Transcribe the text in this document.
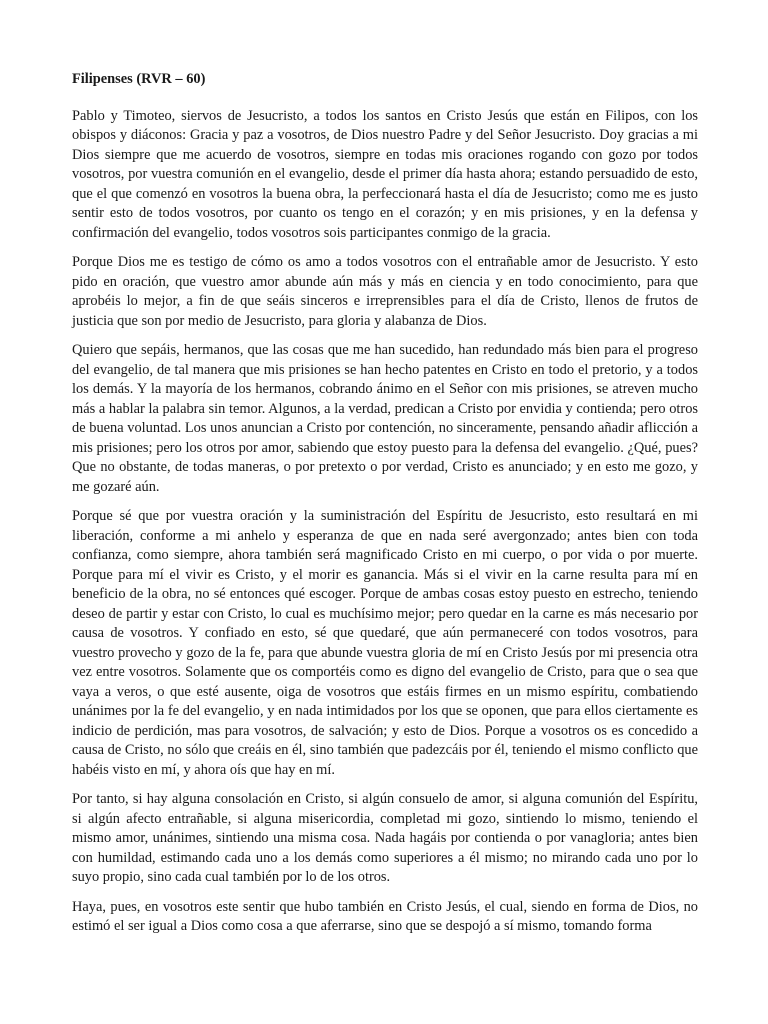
Filipenses (RVR – 60)

Pablo y Timoteo, siervos de Jesucristo, a todos los santos en Cristo Jesús que están en Filipos, con los obispos y diáconos: Gracia y paz a vosotros, de Dios nuestro Padre y del Señor Jesucristo. Doy gracias a mi Dios siempre que me acuerdo de vosotros, siempre en todas mis oraciones rogando con gozo por todos vosotros, por vuestra comunión en el evangelio, desde el primer día hasta ahora; estando persuadido de esto, que el que comenzó en vosotros la buena obra, la perfeccionará hasta el día de Jesucristo; como me es justo sentir esto de todos vosotros, por cuanto os tengo en el corazón; y en mis prisiones, y en la defensa y confirmación del evangelio, todos vosotros sois participantes conmigo de la gracia.

Porque Dios me es testigo de cómo os amo a todos vosotros con el entrañable amor de Jesucristo. Y esto pido en oración, que vuestro amor abunde aún más y más en ciencia y en todo conocimiento, para que aprobéis lo mejor, a fin de que seáis sinceros e irreprensibles para el día de Cristo, llenos de frutos de justicia que son por medio de Jesucristo, para gloria y alabanza de Dios.

Quiero que sepáis, hermanos, que las cosas que me han sucedido, han redundado más bien para el progreso del evangelio, de tal manera que mis prisiones se han hecho patentes en Cristo en todo el pretorio, y a todos los demás. Y la mayoría de los hermanos, cobrando ánimo en el Señor con mis prisiones, se atreven mucho más a hablar la palabra sin temor. Algunos, a la verdad, predican a Cristo por envidia y contienda; pero otros de buena voluntad. Los unos anuncian a Cristo por contención, no sinceramente, pensando añadir aflicción a mis prisiones; pero los otros por amor, sabiendo que estoy puesto para la defensa del evangelio. ¿Qué, pues? Que no obstante, de todas maneras, o por pretexto o por verdad, Cristo es anunciado; y en esto me gozo, y me gozaré aún.

Porque sé que por vuestra oración y la suministración del Espíritu de Jesucristo, esto resultará en mi liberación, conforme a mi anhelo y esperanza de que en nada seré avergonzado; antes bien con toda confianza, como siempre, ahora también será magnificado Cristo en mi cuerpo, o por vida o por muerte. Porque para mí el vivir es Cristo, y el morir es ganancia. Más si el vivir en la carne resulta para mí en beneficio de la obra, no sé entonces qué escoger. Porque de ambas cosas estoy puesto en estrecho, teniendo deseo de partir y estar con Cristo, lo cual es muchísimo mejor; pero quedar en la carne es más necesario por causa de vosotros. Y confiado en esto, sé que quedaré, que aún permaneceré con todos vosotros, para vuestro provecho y gozo de la fe, para que abunde vuestra gloria de mí en Cristo Jesús por mi presencia otra vez entre vosotros. Solamente que os comportéis como es digno del evangelio de Cristo, para que o sea que vaya a veros, o que esté ausente, oiga de vosotros que estáis firmes en un mismo espíritu, combatiendo unánimes por la fe del evangelio, y en nada intimidados por los que se oponen, que para ellos ciertamente es indicio de perdición, mas para vosotros, de salvación; y esto de Dios. Porque a vosotros os es concedido a causa de Cristo, no sólo que creáis en él, sino también que padezcáis por él, teniendo el mismo conflicto que habéis visto en mí, y ahora oís que hay en mí.

Por tanto, si hay alguna consolación en Cristo, si algún consuelo de amor, si alguna comunión del Espíritu, si algún afecto entrañable, si alguna misericordia, completad mi gozo, sintiendo lo mismo, teniendo el mismo amor, unánimes, sintiendo una misma cosa. Nada hagáis por contienda o por vanagloria; antes bien con humildad, estimando cada uno a los demás como superiores a él mismo; no mirando cada uno por lo suyo propio, sino cada cual también por lo de los otros.

Haya, pues, en vosotros este sentir que hubo también en Cristo Jesús, el cual, siendo en forma de Dios, no estimó el ser igual a Dios como cosa a que aferrarse, sino que se despojó a sí mismo, tomando forma
